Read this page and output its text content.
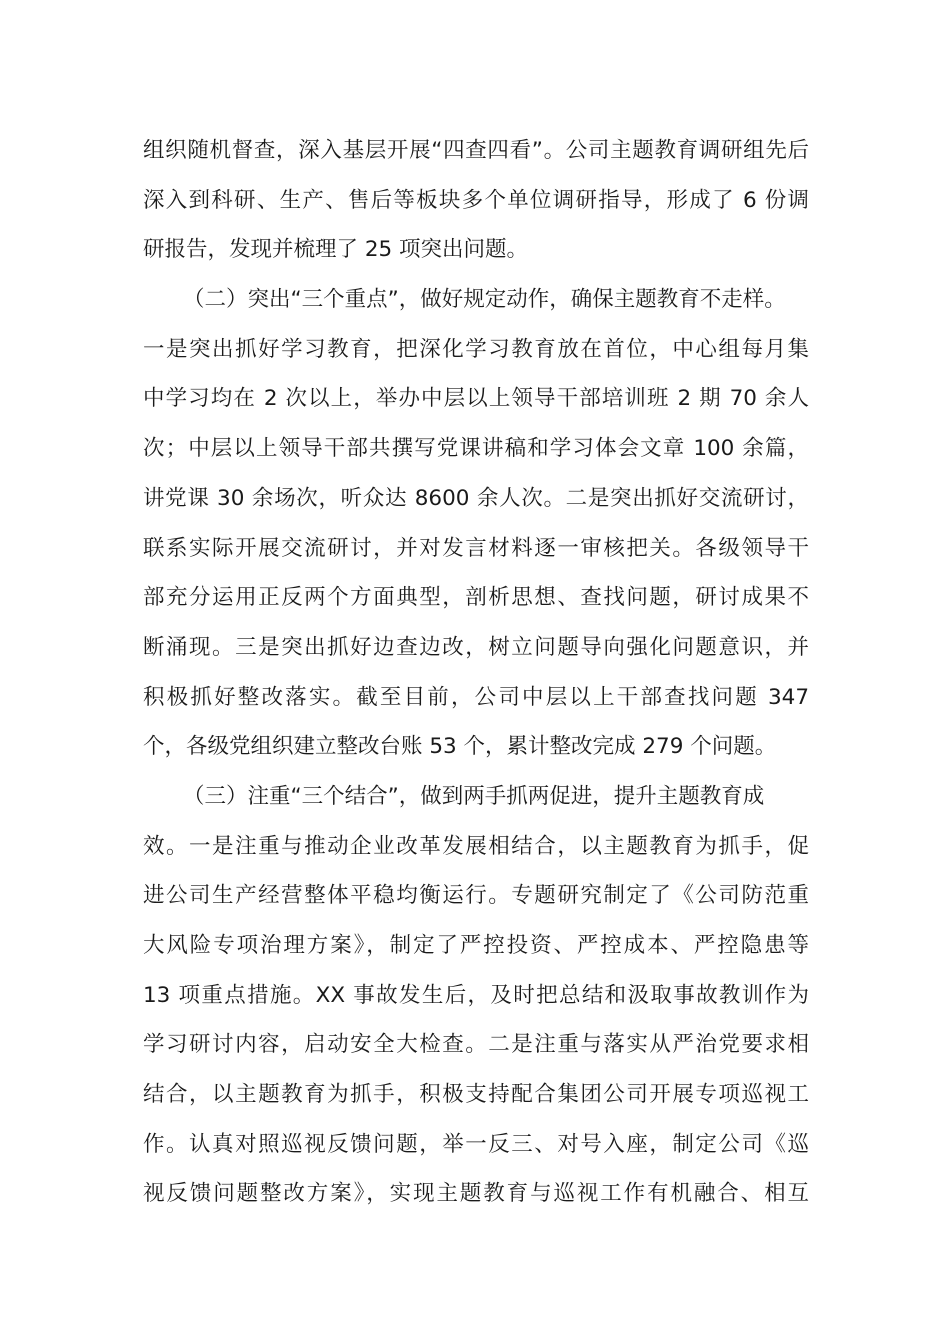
组织随机督查，深入基层开展“四查四看”。公司主题教育调研组先后
深入到科研、生产、售后等板块多个单位调研指导，形成了 6 份调
研报告，发现并梳理了 25 项突出问题。
（二）突出“三个重点”，做好规定动作，确保主题教育不走样。
一是突出抓好学习教育，把深化学习教育放在首位，中心组每月集
中学习均在 2 次以上，举办中层以上领导干部培训班 2 期 70 余人
次；中层以上领导干部共撰写党课讲稿和学习体会文章 100 余篇，
讲党课 30 余场次，听众达 8600 余人次。二是突出抓好交流研讨，
联系实际开展交流研讨，并对发言材料逐一审核把关。各级领导干
部充分运用正反两个方面典型，剖析思想、查找问题，研讨成果不
断涌现。三是突出抓好边查边改，树立问题导向强化问题意识，并
积极抓好整改落实。截至目前，公司中层以上干部查找问题 347
个，各级党组织建立整改台账 53 个，累计整改完成 279 个问题。
（三）注重“三个结合”，做到两手抓两促进，提升主题教育成
效。一是注重与推动企业改革发展相结合，以主题教育为抓手，促
进公司生产经营整体平稳均衡运行。专题研究制定了《公司防范重
大风险专项治理方案》，制定了严控投资、严控成本、严控隐患等
13 项重点措施。XX 事故发生后，及时把总结和汲取事故教训作为
学习研讨内容，启动安全大检查。二是注重与落实从严治党要求相
结合，以主题教育为抓手，积极支持配合集团公司开展专项巡视工
作。认真对照巡视反馈问题，举一反三、对号入座，制定公司《巡
视反馈问题整改方案》，实现主题教育与巡视工作有机融合、相互
